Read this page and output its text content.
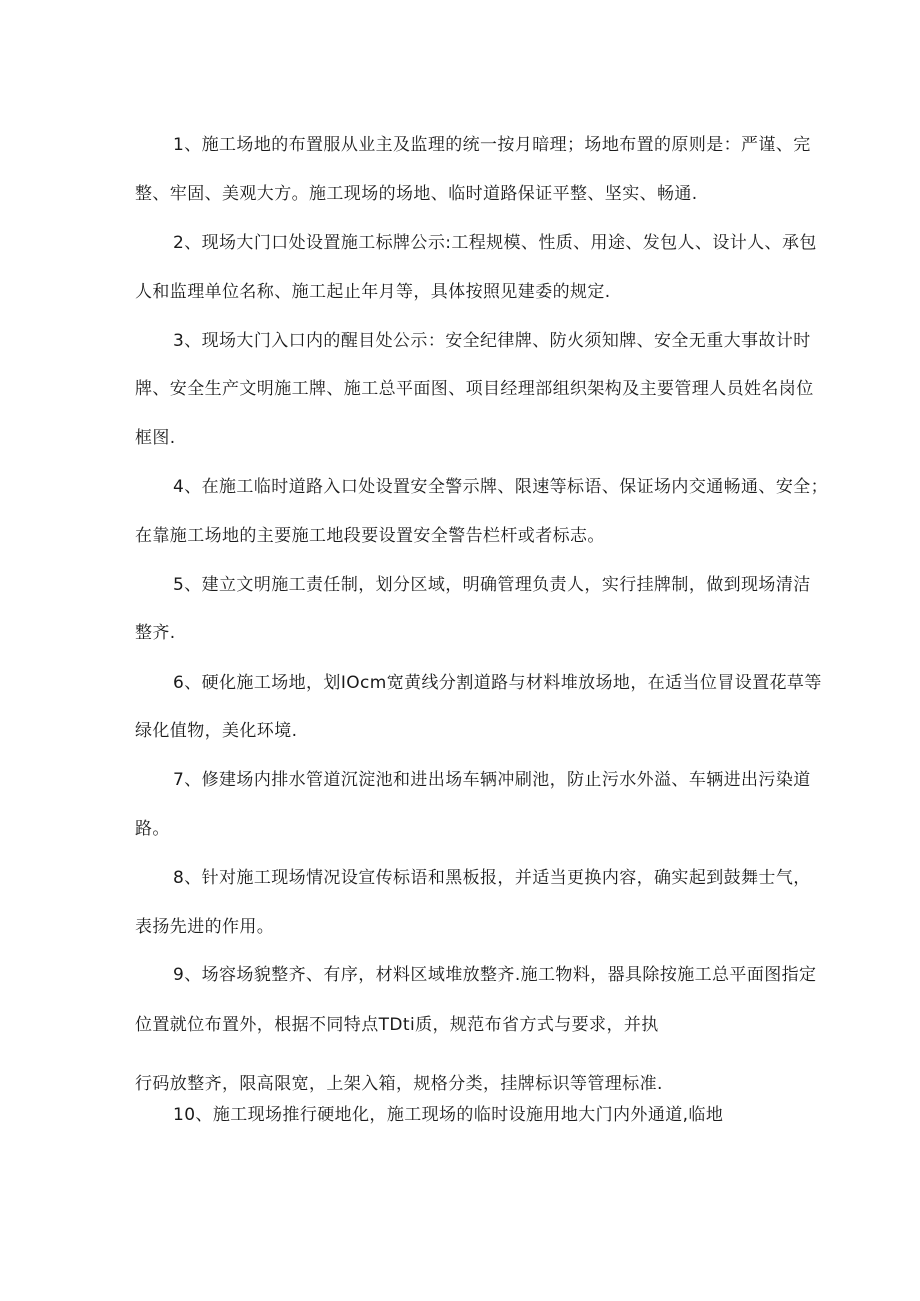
1、施工场地的布置服从业主及监理的统一按月暗理；场地布置的原则是：严谨、完

整、牢固、美观大方。施工现场的场地、临时道路保证平整、坚实、畅通.

2、现场大门口处设置施工标牌公示:工程规模、性质、用途、发包人、设计人、承包

人和监理单位名称、施工起止年月等，具体按照见建委的规定.

3、现场大门入口内的醒目处公示：安全纪律牌、防火须知牌、安全无重大事故计时

牌、安全生产文明施工牌、施工总平面图、项目经理部组织架构及主要管理人员姓名岗位

框图.

4、在施工临时道路入口处设置安全警示牌、限速等标语、保证场内交通畅通、安全；

在靠施工场地的主要施工地段要设置安全警告栏杆或者标志。

5、建立文明施工责任制，划分区域，明确管理负责人，实行挂牌制，做到现场清洁

整齐.

6、硬化施工场地，划IOcm宽黄线分割道路与材料堆放场地，在适当位冒设置花草等

绿化值物，美化环境.

7、修建场内排水管道沉淀池和进出场车辆冲刷池，防止污水外溢、车辆进出污染道

路。

8、针对施工现场情况设宣传标语和黑板报，并适当更换内容，确实起到鼓舞士气，

表扬先进的作用。

9、场容场貌整齐、有序，材料区域堆放整齐.施工物料，器具除按施工总平面图指定

位置就位布置外，根据不同特点TDti质，规范布省方式与要求，并执

行码放整齐，限高限宽，上架入箱，规格分类，挂牌标识等管理标准.

10、施工现场推行硬地化，施工现场的临时设施用地大门内外通道,临地
